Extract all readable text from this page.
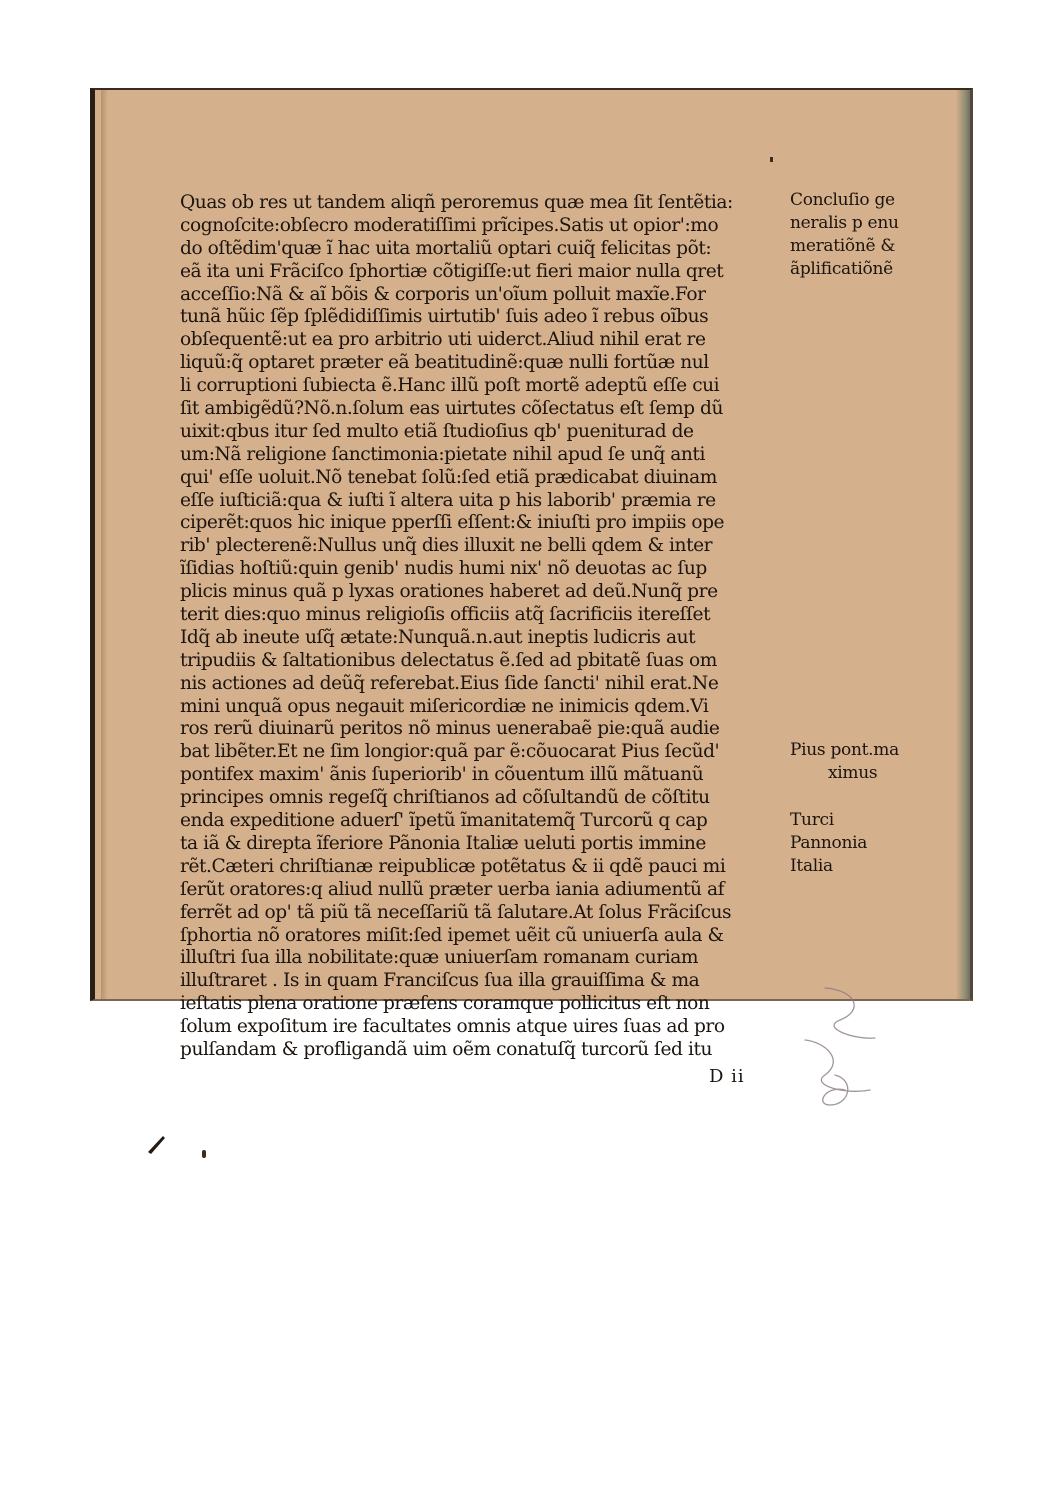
Quas ob res ut tandem aliqñ peroremus quæ mea ſit ſentẽtia:
cognoſcite:obſecro moderatiſſimi prĩcipes.Satis ut opior':mo
do oſtẽdim'quæ ĩ hac uita mortaliũ optari cuiq̃ felicitas põt:
eã ita uni Frãciſco ſphortiæ cõtigiſſe:ut fieri maior nulla qret
acceſſio:Nã & aĩ bõis & corporis un'oĩum polluit maxĩe.For
tunã hũic ſẽp ſplẽdidiſſimis uirtutib' ſuis adeo ĩ rebus oĩbus
obſequentẽ:ut ea pro arbitrio uti uiderct.Aliud nihil erat re
liquũ:q̃ optaret præter eã beatitudinẽ:quæ nulli fortũæ nul
li corruptioni ſubiecta ẽ.Hanc illũ poſt mortẽ adeptũ eſſe cui
ſit ambigẽdũ?Nõ.n.ſolum eas uirtutes cõſectatus eſt ſemp dũ
uixit:qbus itur ſed multo etiã ſtudioſius qb' pueniturad de
um:Nã religione ſanctimonia:pietate nihil apud ſe unq̃ anti
qui' eſſe uoluit.Nõ tenebat ſolũ:ſed etiã prædicabat diuinam
eſſe iuſticiã:qua & iuſti ĩ altera uita p his laborib' præmia re
ciperẽt:quos hic inique pperſſi eſſent:& iniuſti pro impiis ope
rib' plecterenẽ:Nullus unq̃ dies illuxit ne belli qdem & inter
ĩſidias hoſtiũ:quin genib' nudis humi nix' nõ deuotas ac ſup
plicis minus quã p lyxas orationes haberet ad deũ.Nunq̃ pre
terit dies:quo minus religioſis officiis atq̃ ſacrificiis itereſſet
Idq̃ ab ineute uſq̃ ætate:Nunquã.n.aut ineptis ludicris aut
tripudiis & ſaltationibus delectatus ẽ.ſed ad pbitatẽ ſuas om
nis actiones ad deũq̃ referebat.Eius ſide ſancti' nihil erat.Ne
mini unquã opus negauit miſericordiæ ne inimicis qdem.Vi
ros rerũ diuinarũ peritos nõ minus uenerabaẽ pie:quã audie
bat libẽter.Et ne ſim longior:quã par ẽ:cõuocarat Pius ſecũd'
pontifex maxim' ãnis ſuperiorib' in cõuentum illũ mãtuanũ
principes omnis regeſq̃ chriſtianos ad cõſultandũ de cõſtitu
enda expeditione aduerſ' ĩpetũ ĩmanitatemq̃ Turcorũ q cap
ta iã & direpta ĩferiore Pãnonia Italiæ ueluti portis immine
rẽt.Cæteri chriſtianæ reipublicæ potẽtatus & ii qdẽ pauci mi
ſerũt oratores:q aliud nullũ præter uerba iania adiumentũ af
ferrẽt ad op' tã piũ tã neceſſariũ tã ſalutare.At ſolus Frãciſcus
ſphortia nõ oratores miſit:ſed ipemet uẽit cũ uniuerſa aula &
illuſtri ſua illa nobilitate:quæ uniuerſam romanam curiam
illuſtraret . Is in quam Franciſcus ſua illa grauiſſima & ma
ieſtatis plena oratione præſens coramque pollicitus eſt non
ſolum expoſitum ire facultates omnis atque uires ſuas ad pro
pulſandam & profligandã uim oẽm conatuſq̃ turcorũ ſed itu
Concluſio ge
neralis p enu
meratiõnẽ &
ãplificatiõnẽ
Pius pont.ma
ximus
Turci
Pannonia
Italia
D ii
